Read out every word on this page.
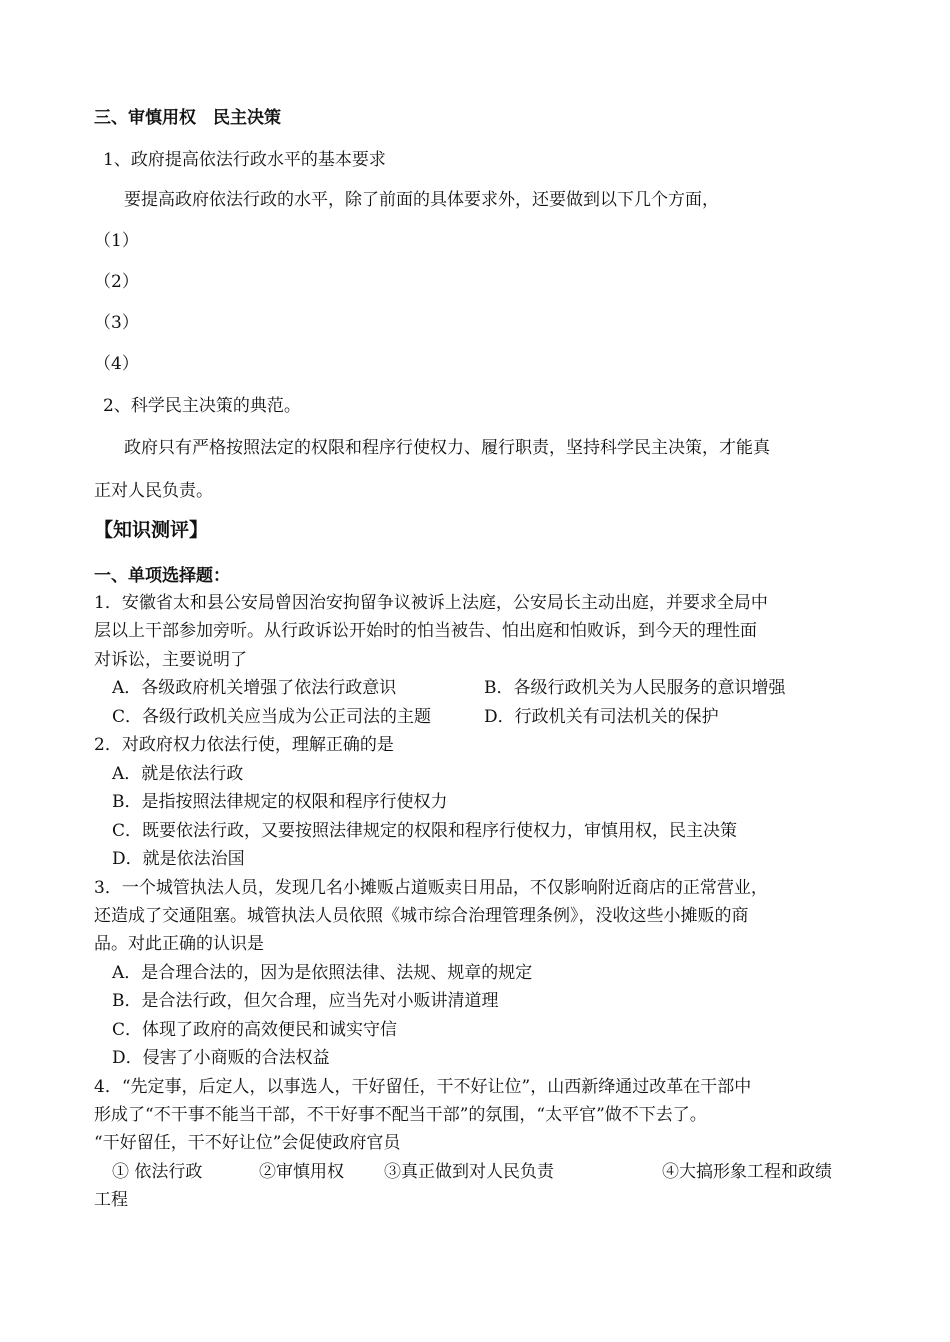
三、审慎用权　民主决策
1、政府提高依法行政水平的基本要求
要提高政府依法行政的水平，除了前面的具体要求外，还要做到以下几个方面，
（1）
（2）
（3）
（4）
2、科学民主决策的典范。
政府只有严格按照法定的权限和程序行使权力、履行职责，坚持科学民主决策，才能真
正对人民负责。
【知识测评】
一、单项选择题：
1．安徽省太和县公安局曾因治安拘留争议被诉上法庭，公安局长主动出庭，并要求全局中
层以上干部参加旁听。从行政诉讼开始时的怕当被告、怕出庭和怕败诉，到今天的理性面
对诉讼，主要说明了
A．各级政府机关增强了依法行政意识	B．各级行政机关为人民服务的意识增强
C．各级行政机关应当成为公正司法的主题	D．行政机关有司法机关的保护
2．对政府权力依法行使，理解正确的是
A．就是依法行政
B．是指按照法律规定的权限和程序行使权力
C．既要依法行政，又要按照法律规定的权限和程序行使权力，审慎用权，民主决策
D．就是依法治国
3．一个城管执法人员，发现几名小摊贩占道贩卖日用品，不仅影响附近商店的正常营业，
还造成了交通阻塞。城管执法人员依照《城市综合治理管理条例》，没收这些小摊贩的商
品。对此正确的认识是
A．是合理合法的，因为是依照法律、法规、规章的规定
B．是合法行政，但欠合理，应当先对小贩讲清道理
C．体现了政府的高效便民和诚实守信
D．侵害了小商贩的合法权益
4．“先定事，后定人，以事选人，干好留任，干不好让位”，山西新绛通过改革在干部中
形成了“不干事不能当干部，不干好事不配当干部”的氛围，“太平官”做不下去了。
“干好留任，干不好让位”会促使政府官员
① 依法行政	②审慎用权 ③真正做到对人民负责	④大搞形象工程和政绩
工程
